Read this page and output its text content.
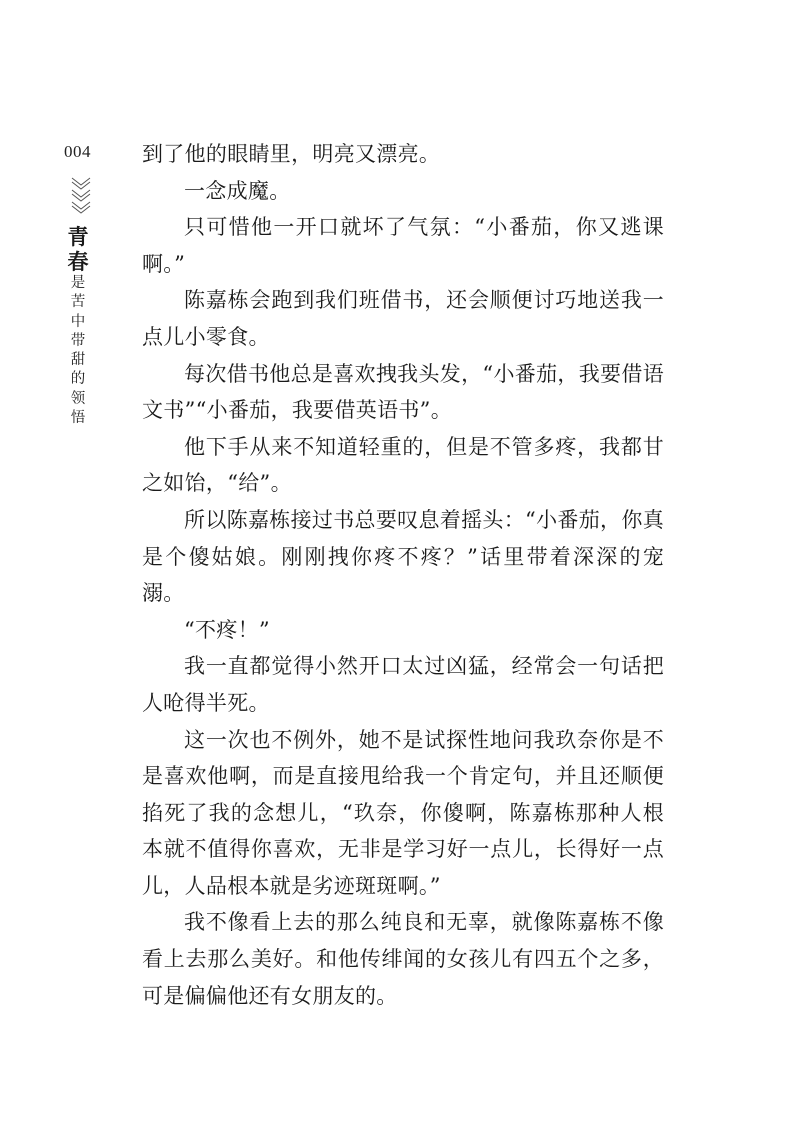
004
青
春
是
苦
中
带
甜
的
领
悟

到了他的眼睛里，明亮又漂亮。

一念成魔。

只可惜他一开口就坏了气氛：“小番茄，你又逃课啊。”

陈嘉栋会跑到我们班借书，还会顺便讨巧地送我一点儿小零食。

每次借书他总是喜欢拽我头发，“小番茄，我要借语文书”“小番茄，我要借英语书”。

他下手从来不知道轻重的，但是不管多疼，我都甘之如饴，“给”。

所以陈嘉栋接过书总要叹息着摇头：“小番茄，你真是个傻姑娘。刚刚拽你疼不疼？”话里带着深深的宠溺。

“不疼！”

我一直都觉得小然开口太过凶猛，经常会一句话把人呛得半死。

这一次也不例外，她不是试探性地问我玖奈你是不是喜欢他啊，而是直接甩给我一个肯定句，并且还顺便掐死了我的念想儿，“玖奈，你傻啊，陈嘉栋那种人根本就不值得你喜欢，无非是学习好一点儿，长得好一点儿，人品根本就是劣迹斑斑啊。”

我不像看上去的那么纯良和无辜，就像陈嘉栋不像看上去那么美好。和他传绯闻的女孩儿有四五个之多，可是偏偏他还有女朋友的。
